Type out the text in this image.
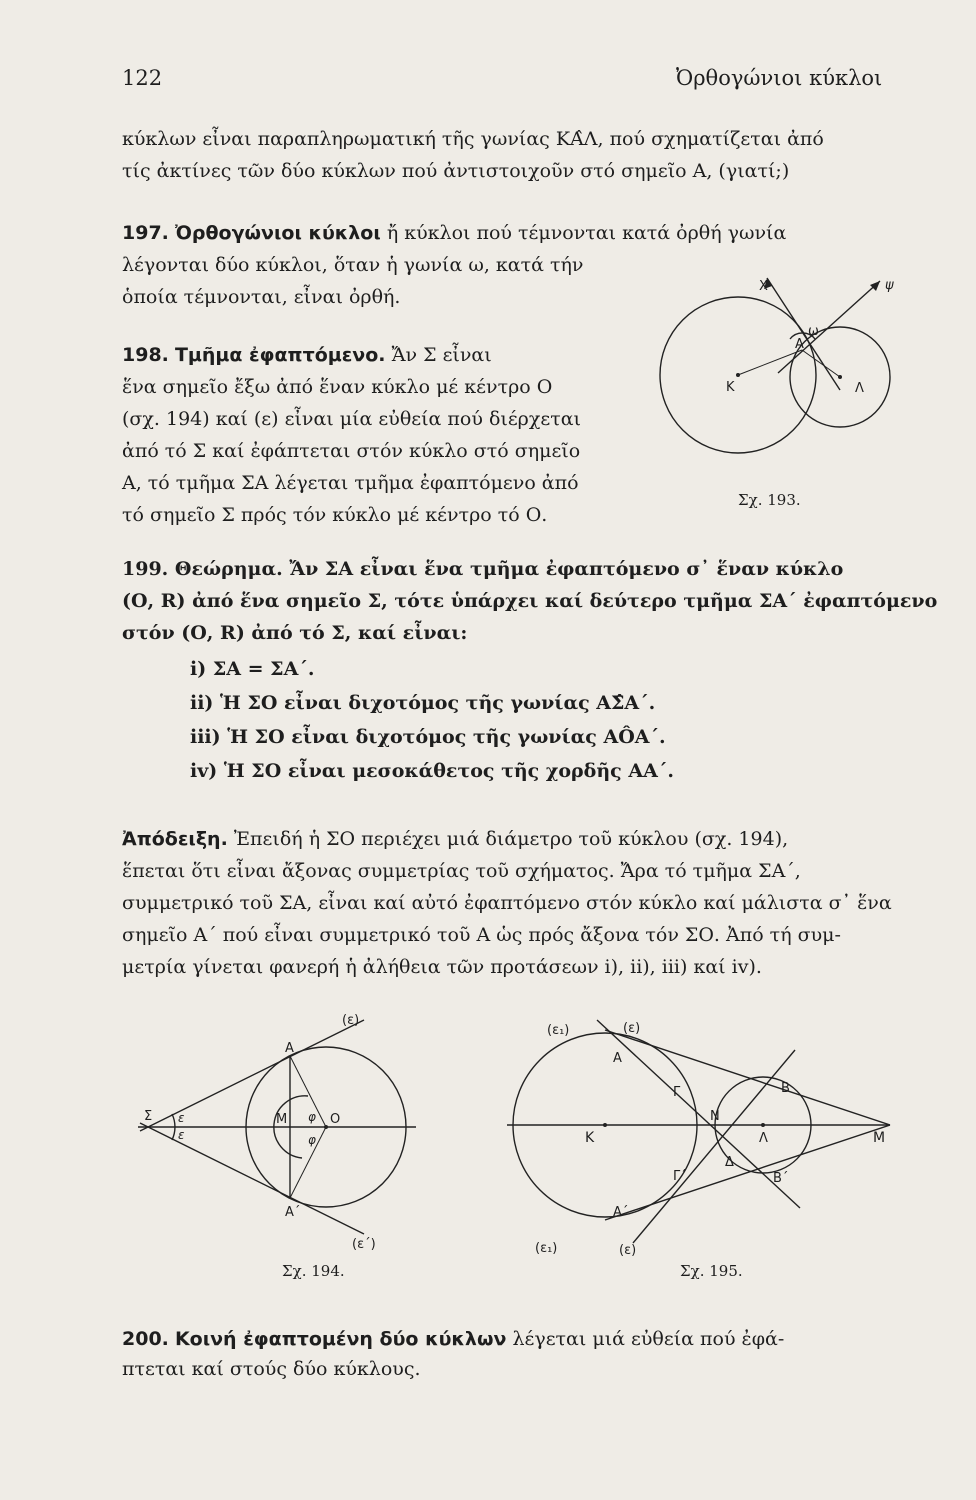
122	Ὀρθογώνιοι κύκλοι
κύκλων εἶναι παραπληρωματική τῆς γωνίας ΚΑ̂Λ, πού σχηματίζεται ἀπό
τίς ἀκτίνες τῶν δύο κύκλων πού ἀντιστοιχοῦν στό σημεῖο Α, (γιατί;)
197. Ὀρθογώνιοι κύκλοι ἤ κύκλοι πού τέμνονται κατά ὀρθή γωνία
λέγονται δύο κύκλοι, ὅταν ἡ γωνία ω, κατά τήν
ὁποία τέμνονται, εἶναι ὀρθή.
198. Τμῆμα ἐφαπτόμενο. Ἄν Σ εἶναι
ἕνα σημεῖο ἔξω ἀπό ἕναν κύκλο μέ κέντρο Ο
(σχ. 194) καί (ε) εἶναι μία εὐθεία πού διέρχεται
ἀπό τό Σ καί ἐφάπτεται στόν κύκλο στό σημεῖο
Α, τό τμῆμα ΣΑ λέγεται τμῆμα ἐφαπτόμενο ἀπό
τό σημεῖο Σ πρός τόν κύκλο μέ κέντρο τό Ο.
Χ	ψ
ω
Α
Κ	Λ
Σχ. 193.
199. Θεώρημα. Ἄν ΣΑ εἶναι ἕνα τμῆμα ἐφαπτόμενο σ᾽ ἕναν κύκλο
(Ο, R) ἀπό ἕνα σημεῖο Σ, τότε ὑπάρχει καί δεύτερο τμῆμα ΣΑ΄ ἐφαπτόμενο
στόν (Ο, R) ἀπό τό Σ, καί εἶναι:
i) ΣΑ = ΣΑ΄.
ii) Ἡ ΣΟ εἶναι διχοτόμος τῆς γωνίας ΑΣ̂Α΄.
iii) Ἡ ΣΟ εἶναι διχοτόμος τῆς γωνίας ΑÔΑ΄.
iv) Ἡ ΣΟ εἶναι μεσοκάθετος τῆς χορδῆς ΑΑ΄.
Ἀπόδειξη. Ἐπειδή ἡ ΣΟ περιέχει μιά διάμετρο τοῦ κύκλου (σχ. 194),
ἕπεται ὅτι εἶναι ἄξονας συμμετρίας τοῦ σχήματος. Ἄρα τό τμῆμα ΣΑ΄,
συμμετρικό τοῦ ΣΑ, εἶναι καί αὐτό ἐφαπτόμενο στόν κύκλο καί μάλιστα σ᾽ ἕνα
σημεῖο Α΄ πού εἶναι συμμετρικό τοῦ Α ὡς πρός ἄξονα τόν ΣΟ. Ἀπό τή συμ-
μετρία γίνεται φανερή ἡ ἀλήθεια τῶν προτάσεων i), ii), iii) καί iv).
(ε)
Α
Σ ε
ε
Μ φ
φ
Ο
Α΄
(ε΄)
Σχ. 194.
(ε₁)	(ε)
Α
Γ	Β
Κ
Ν
Λ	Μ
Δ
Β΄
Γ΄
Α΄
(ε₁)	(ε)
Σχ. 195.
200. Κοινή ἐφαπτομένη δύο κύκλων λέγεται μιά εὐθεία πού ἐφά-
πτεται καί στούς δύο κύκλους.
